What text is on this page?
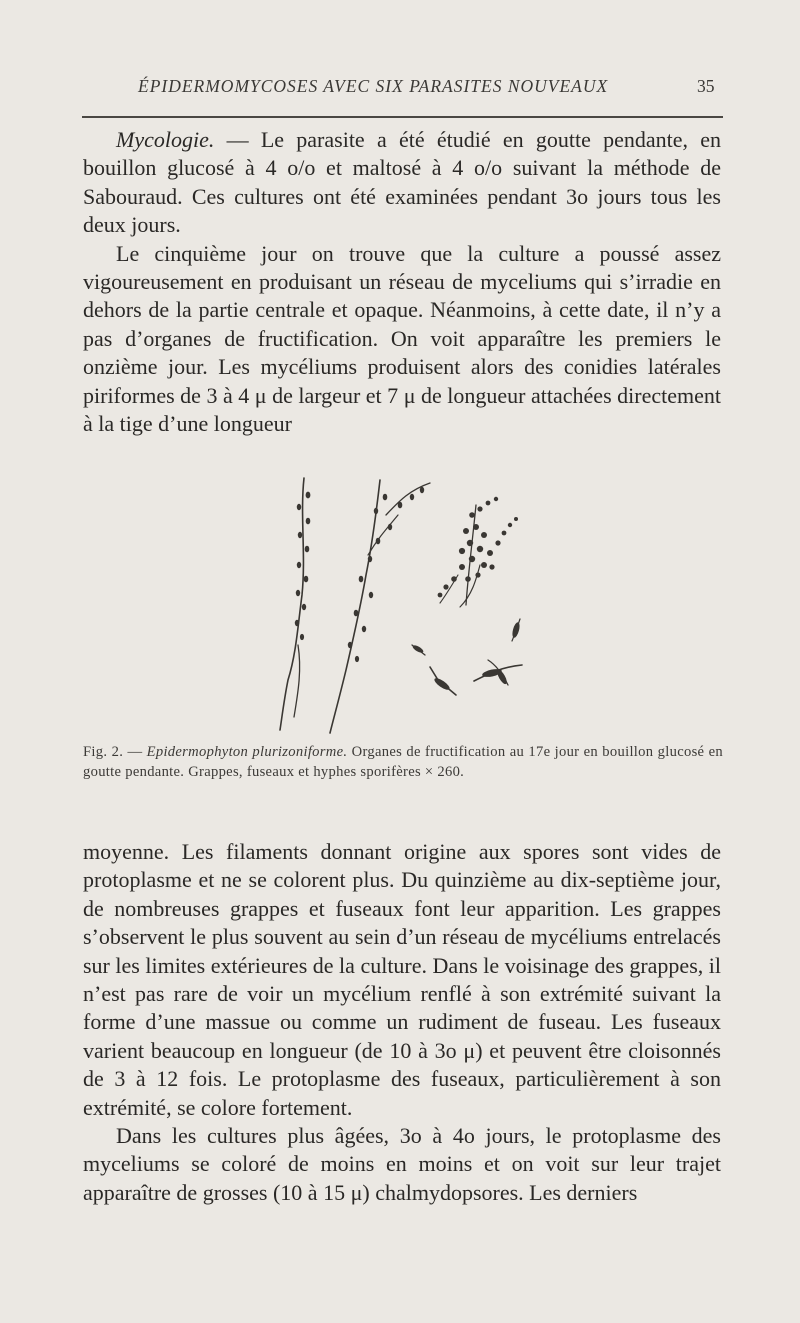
ÉPIDERMOMYCOSES AVEC SIX PARASITES NOUVEAUX	35

Mycologie. — Le parasite a été étudié en goutte pendante, en bouillon glucosé à 4 o/o et maltosé à 4 o/o suivant la méthode de Sabouraud. Ces cultures ont été examinées pendant 3o jours tous les deux jours.

Le cinquième jour on trouve que la culture a poussé assez vigoureusement en produisant un réseau de myceliums qui s’irradie en dehors de la partie centrale et opaque. Néanmoins, à cette date, il n’y a pas d’organes de fructification. On voit apparaître les premiers le onzième jour. Les mycéliums produisent alors des conidies latérales piriformes de 3 à 4 μ de largeur et 7 μ de longueur attachées directement à la tige d’une longueur

Fig. 2. — Epidermophyton plurizoniforme. Organes de fructification au 17e jour en bouillon glucosé en goutte pendante. Grappes, fuseaux et hyphes sporifères × 260.

moyenne. Les filaments donnant origine aux spores sont vides de protoplasme et ne se colorent plus. Du quinzième au dix-septième jour, de nombreuses grappes et fuseaux font leur apparition. Les grappes s’observent le plus souvent au sein d’un réseau de mycéliums entrelacés sur les limites extérieures de la culture. Dans le voisinage des grappes, il n’est pas rare de voir un mycélium renflé à son extrémité suivant la forme d’une massue ou comme un rudiment de fuseau. Les fuseaux varient beaucoup en longueur (de 10 à 3o μ) et peuvent être cloisonnés de 3 à 12 fois. Le protoplasme des fuseaux, particulièrement à son extrémité, se colore fortement.

Dans les cultures plus âgées, 3o à 4o jours, le protoplasme des myceliums se coloré de moins en moins et on voit sur leur trajet apparaître de grosses (10 à 15 μ) chalmydopsores. Les derniers
